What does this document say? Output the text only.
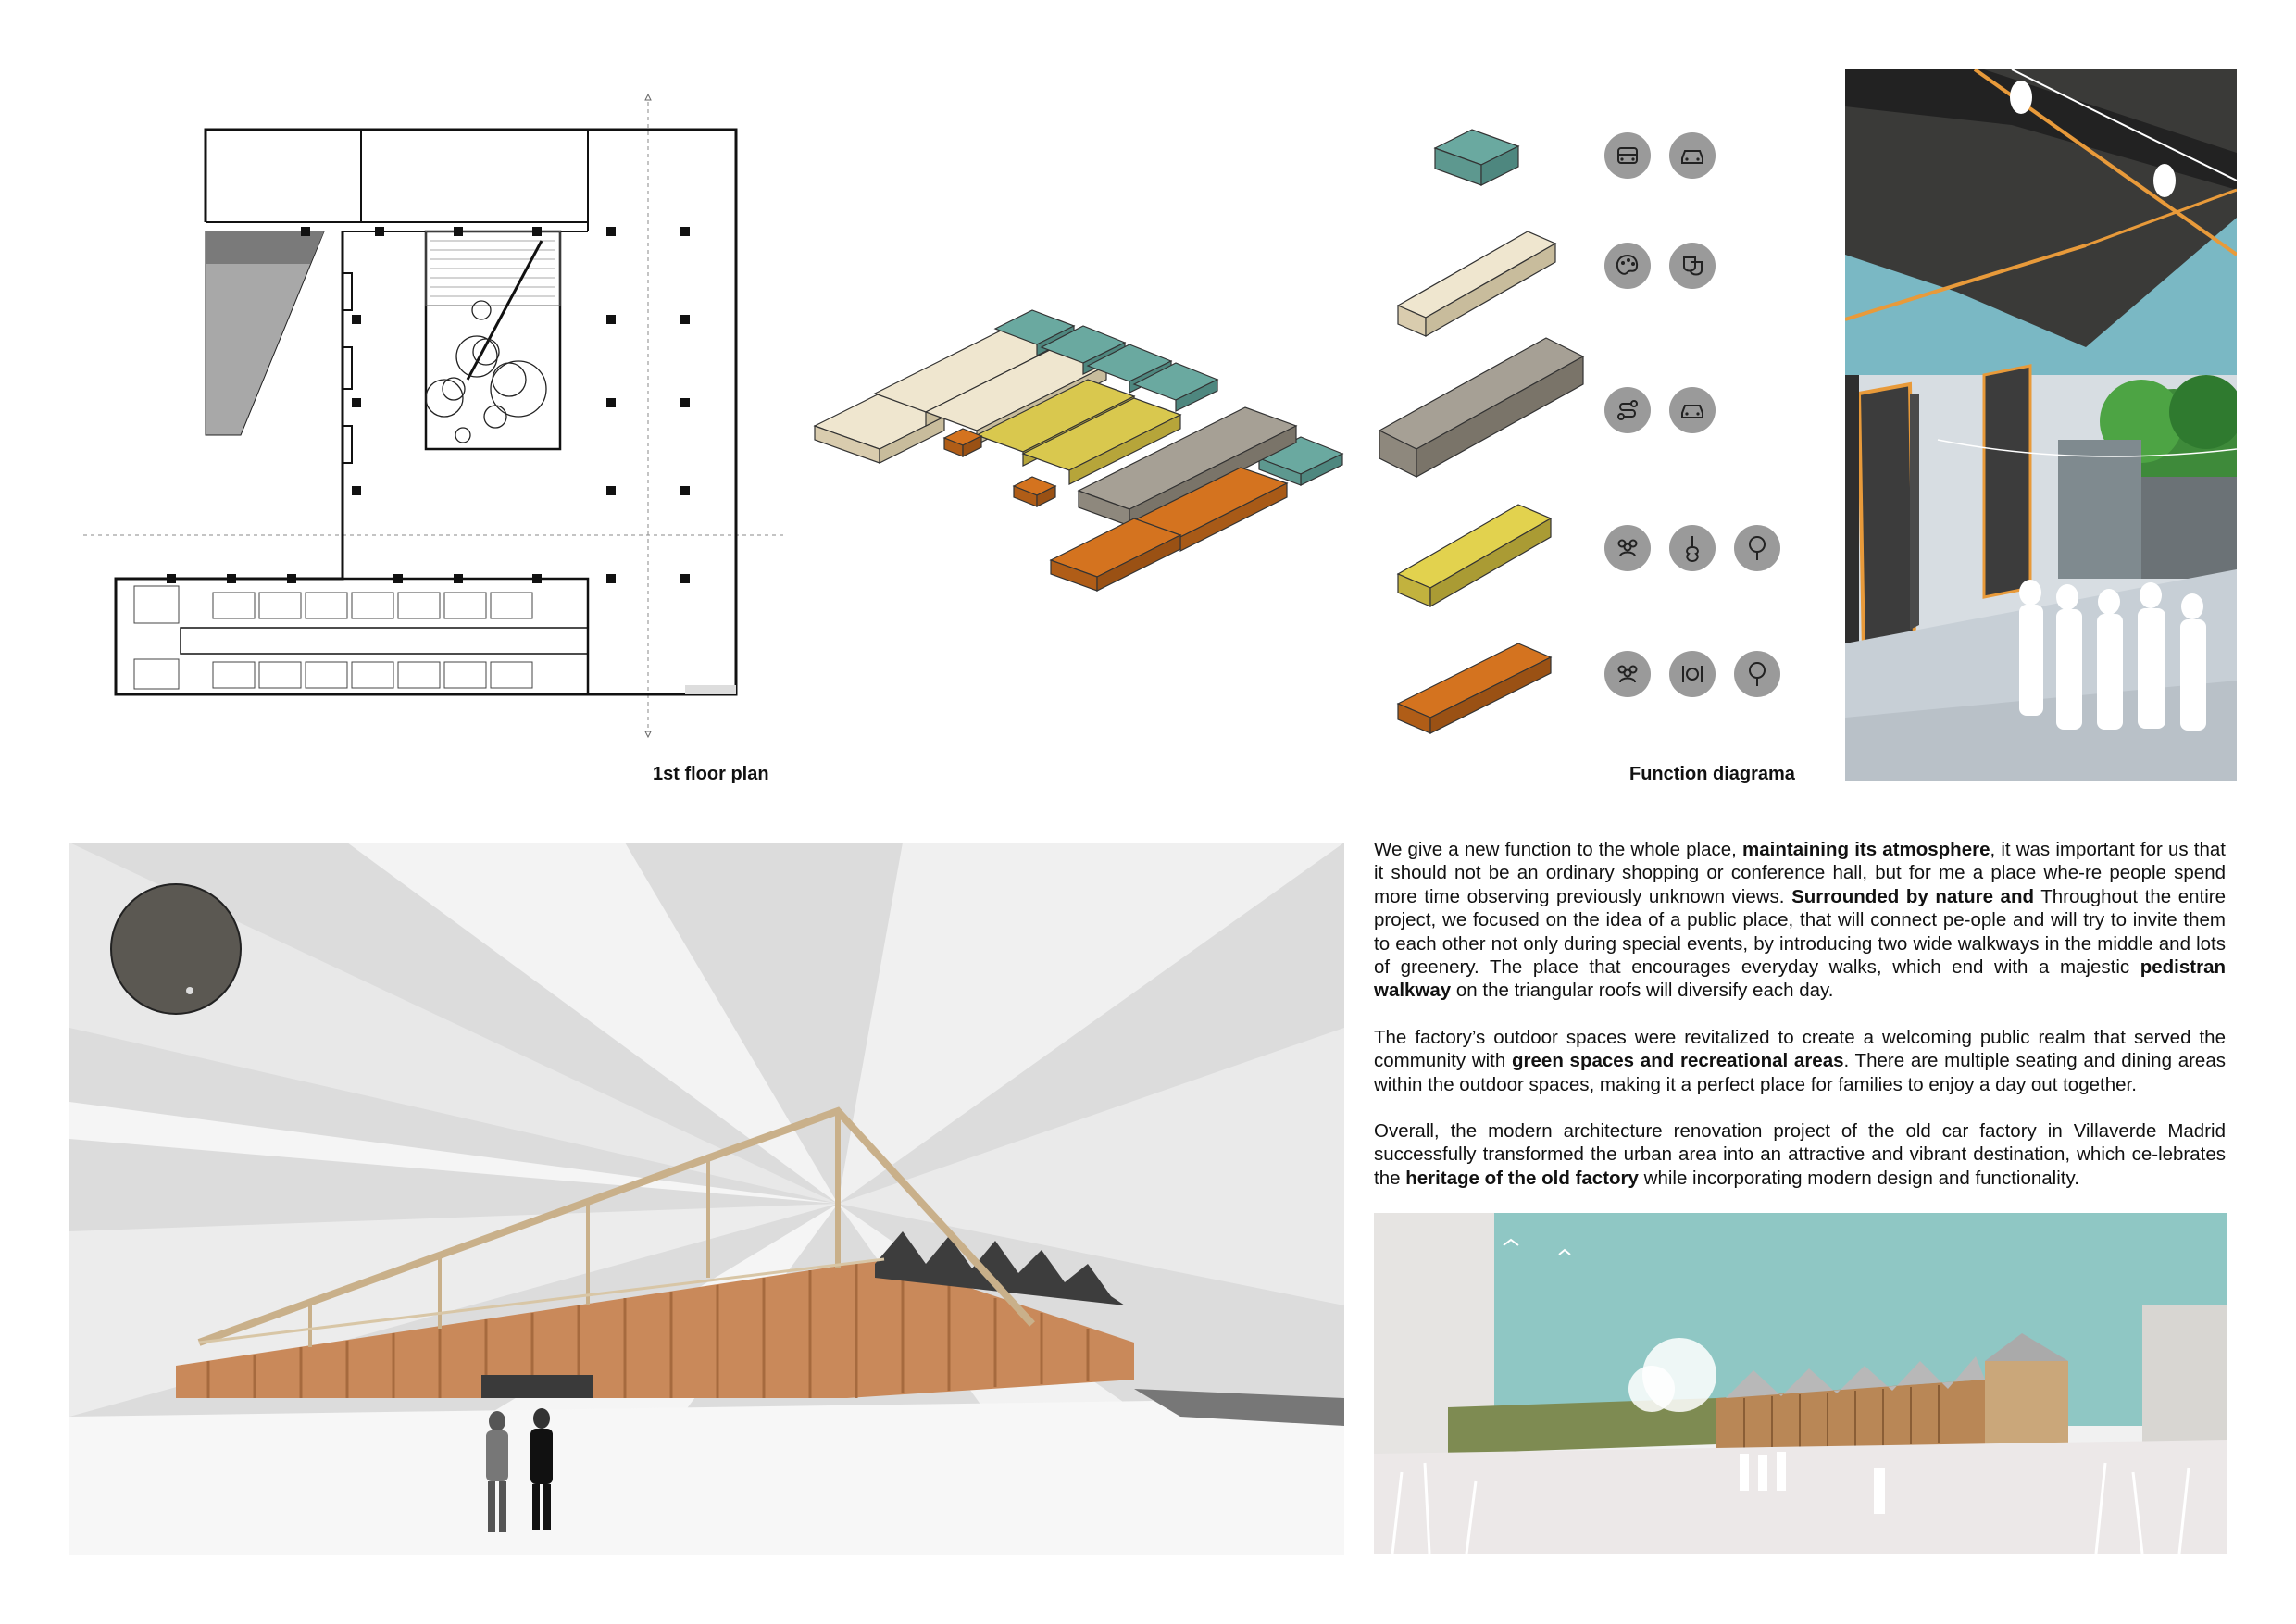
1st floor plan	Function diagrama

We give a new function to the whole place, maintaining its atmosphere, it was important for us that it should not be an ordinary shopping or conference hall, but for me a place whe-re people spend more time observing previously unknown views. Surrounded by nature and Throughout the entire project, we focused on the idea of a public place, that will connect pe-ople and will try to invite them to each other not only during special events, by introducing two wide walkways in the middle and lots of greenery. The place that encourages everyday walks, which end with a majestic pedistran walkway on the triangular roofs will diversify each day.

The factory’s outdoor spaces were revitalized to create a welcoming public realm that served the community with green spaces and recreational areas. There are multiple seating and dining areas within the outdoor spaces, making it a perfect place for families to enjoy a day out together.

Overall, the modern architecture renovation project of the old car factory in Villaverde Madrid successfully transformed the urban area into an attractive and vibrant destination, which ce-lebrates the heritage of the old factory while incorporating modern design and functionality.
